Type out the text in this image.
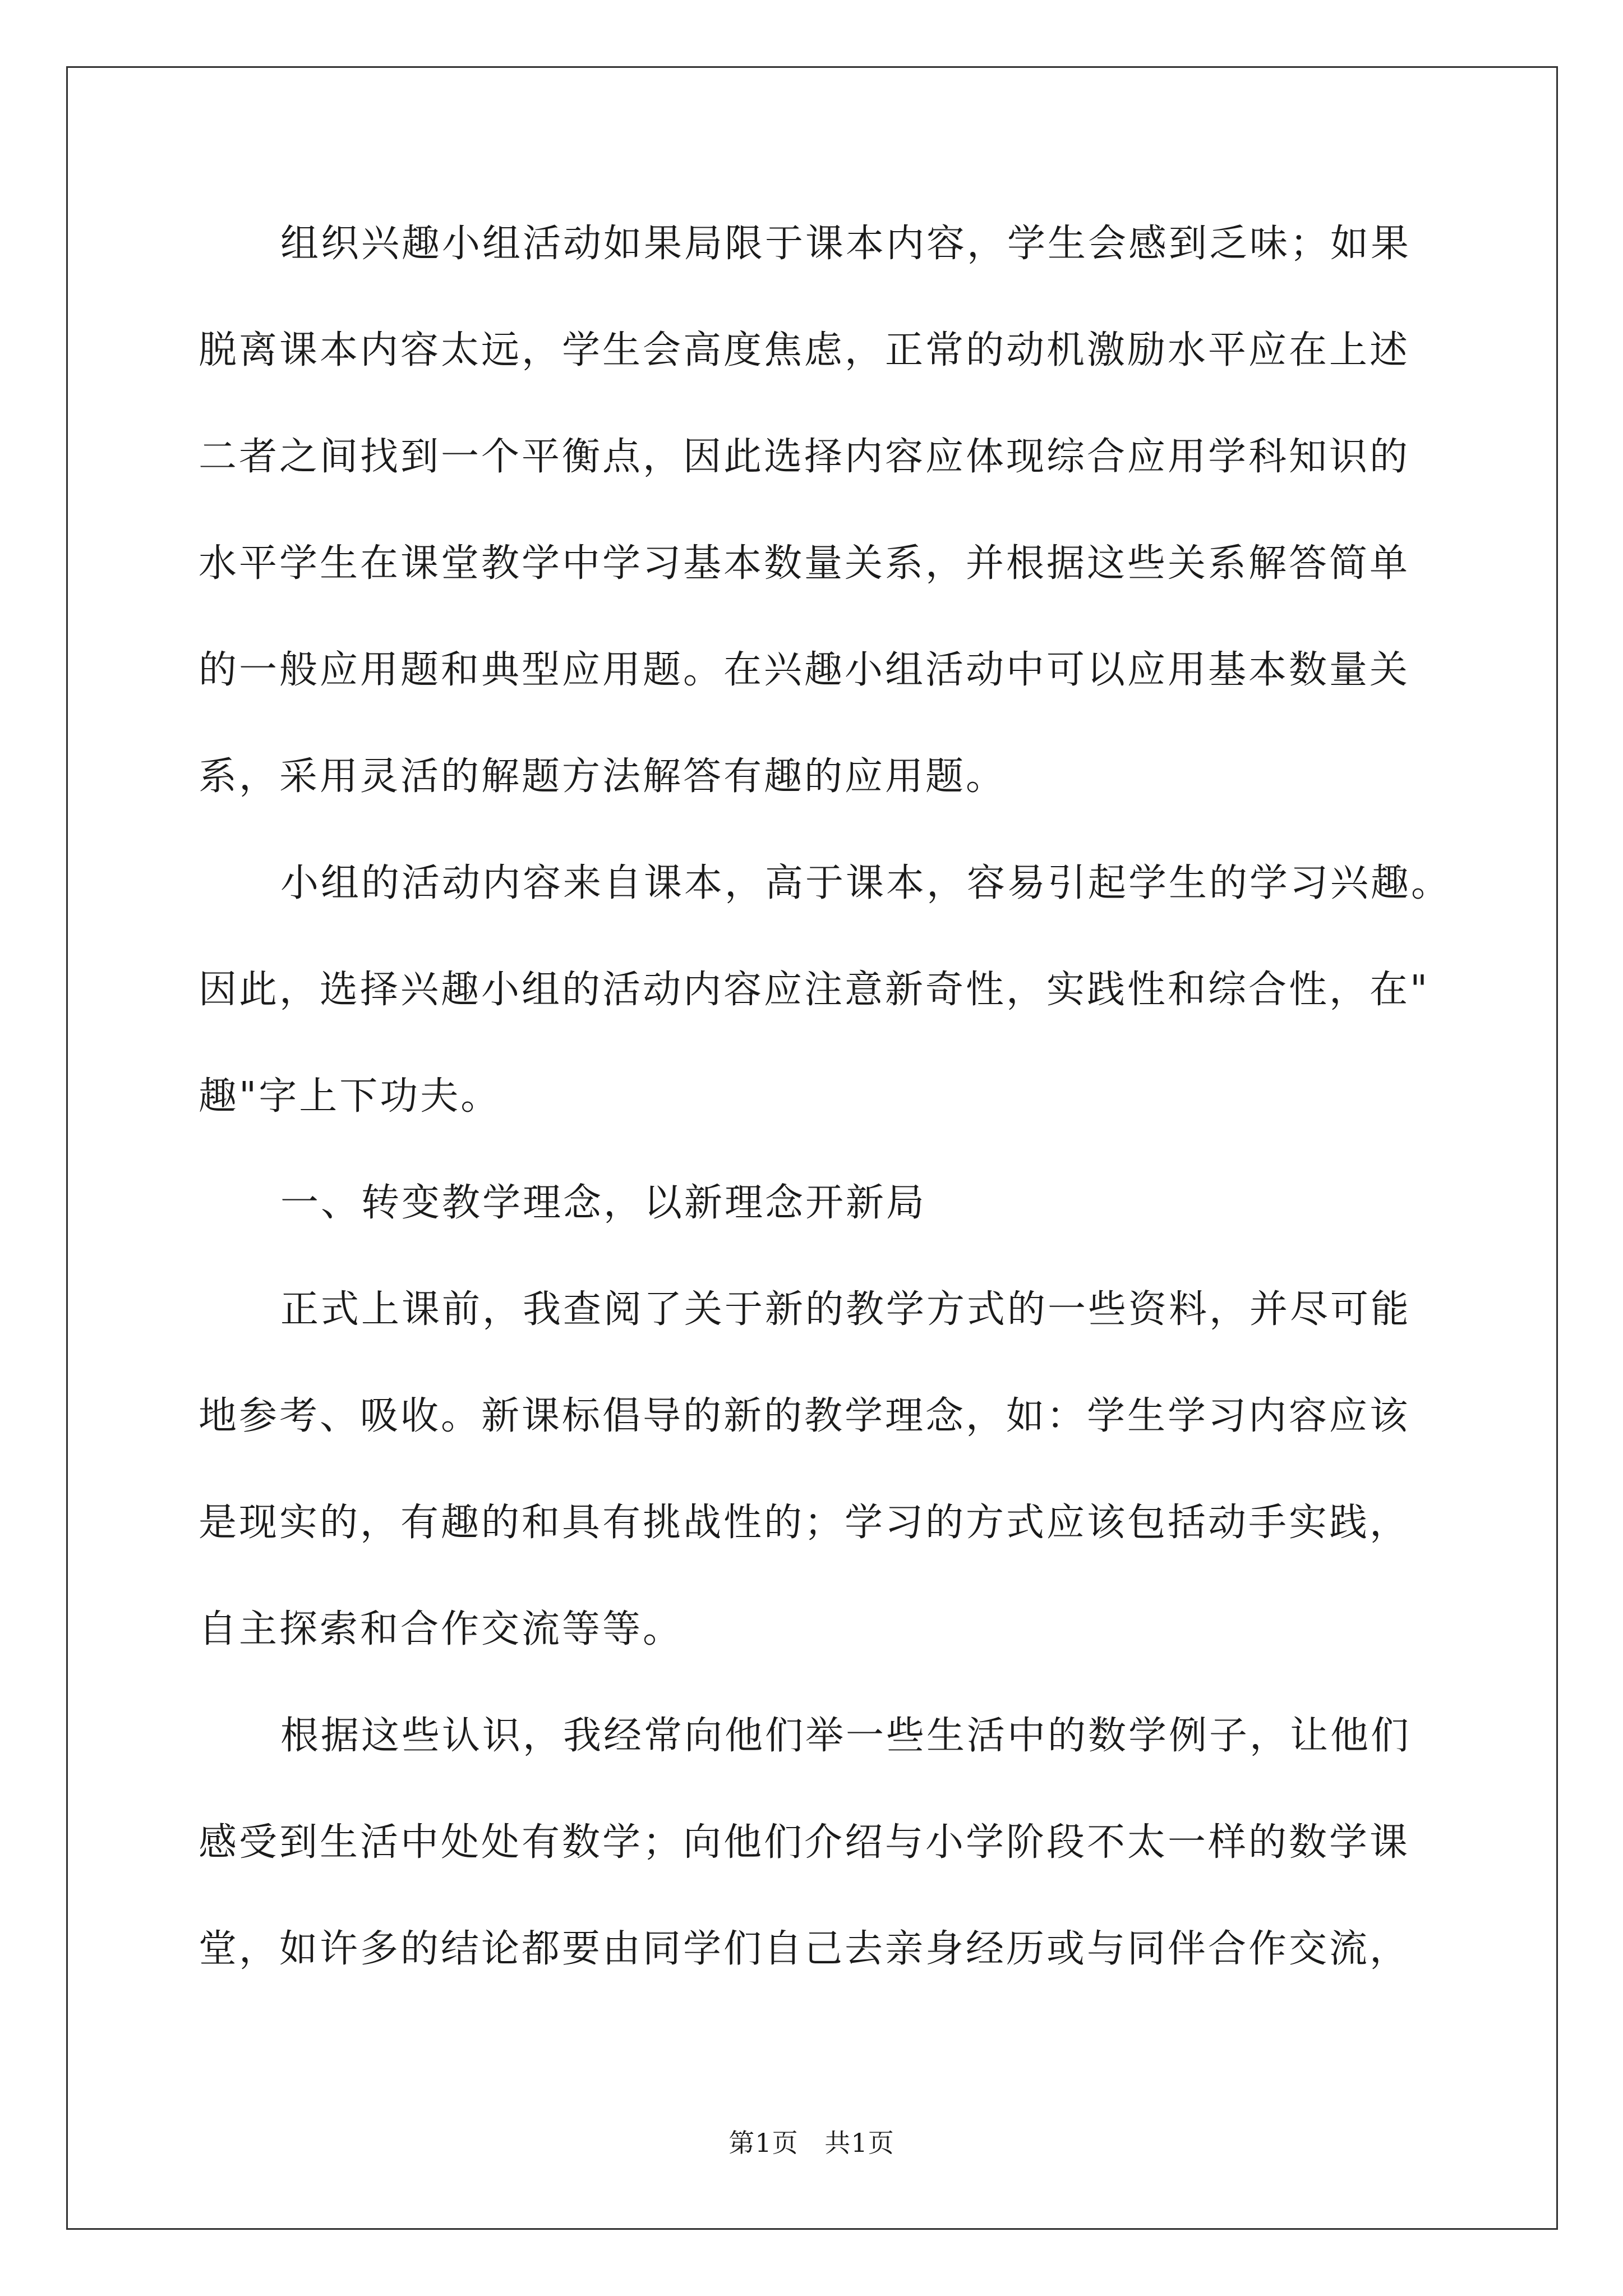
组织兴趣小组活动如果局限于课本内容，学生会感到乏味；如果
脱离课本内容太远，学生会高度焦虑，正常的动机激励水平应在上述
二者之间找到一个平衡点，因此选择内容应体现综合应用学科知识的
水平学生在课堂教学中学习基本数量关系，并根据这些关系解答简单
的一般应用题和典型应用题。在兴趣小组活动中可以应用基本数量关
系，采用灵活的解题方法解答有趣的应用题。
小组的活动内容来自课本，高于课本，容易引起学生的学习兴趣。
因此，选择兴趣小组的活动内容应注意新奇性，实践性和综合性，在"
趣"字上下功夫。
一、转变教学理念，以新理念开新局
正式上课前，我查阅了关于新的教学方式的一些资料，并尽可能
地参考、吸收。新课标倡导的新的教学理念，如：学生学习内容应该
是现实的，有趣的和具有挑战性的；学习的方式应该包括动手实践，
自主探索和合作交流等等。
根据这些认识，我经常向他们举一些生活中的数学例子，让他们
感受到生活中处处有数学；向他们介绍与小学阶段不太一样的数学课
堂，如许多的结论都要由同学们自己去亲身经历或与同伴合作交流，
第1页   共1页
